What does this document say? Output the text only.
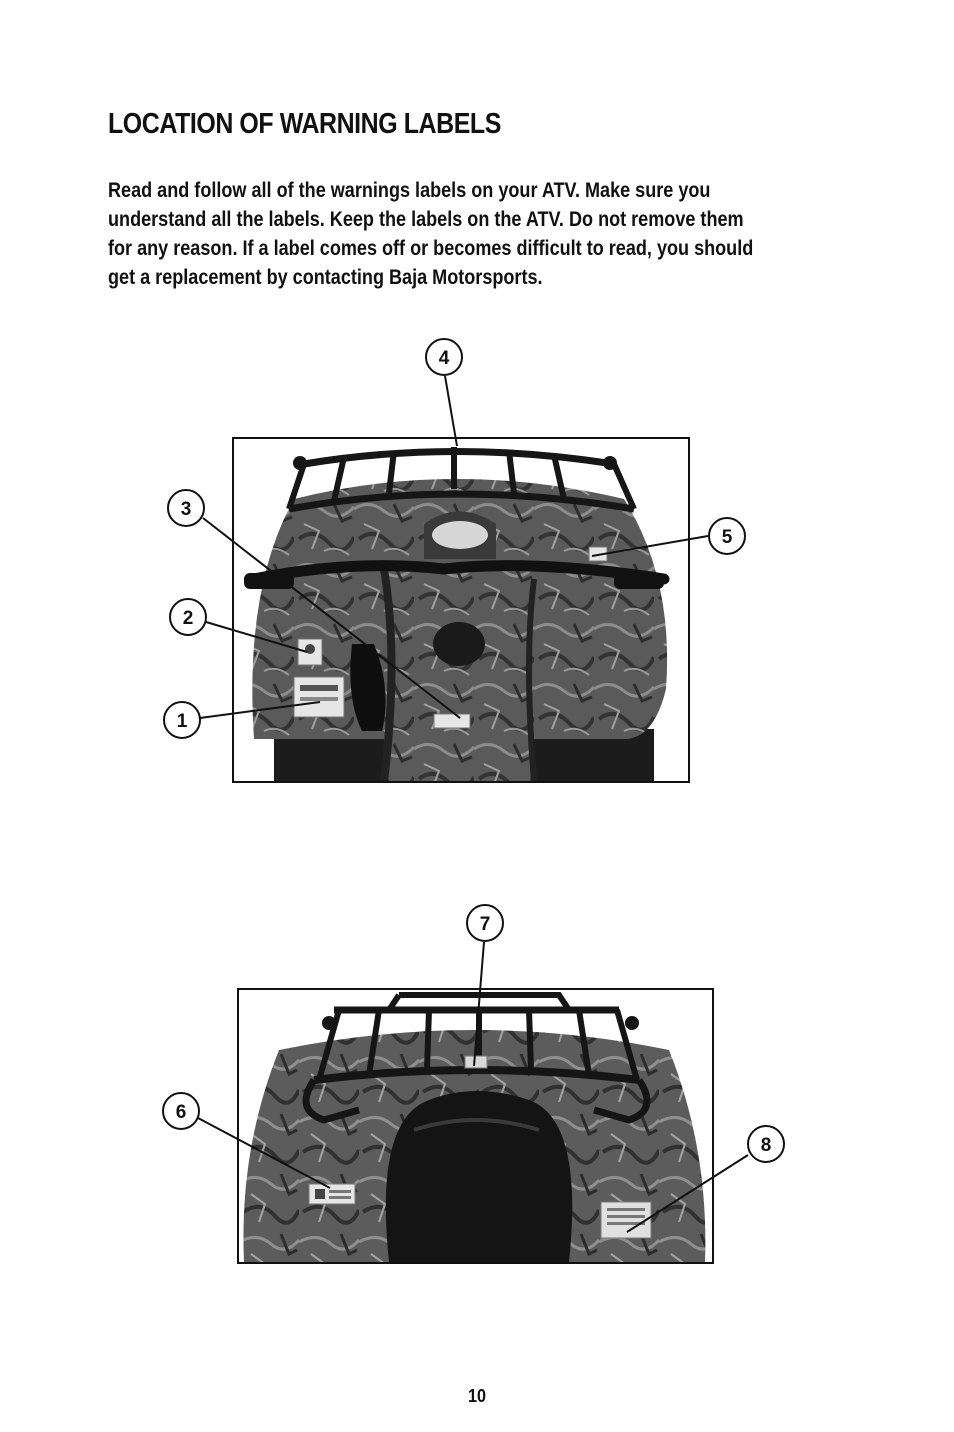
LOCATION OF WARNING LABELS

Read and follow all of the warnings labels on your ATV. Make sure you
understand all the labels. Keep the labels on the ATV. Do not remove them
for any reason. If a label comes off or becomes difficult to read, you should
get a replacement by contacting Baja Motorsports.

4
3
5
2
1
7
6
8
10
